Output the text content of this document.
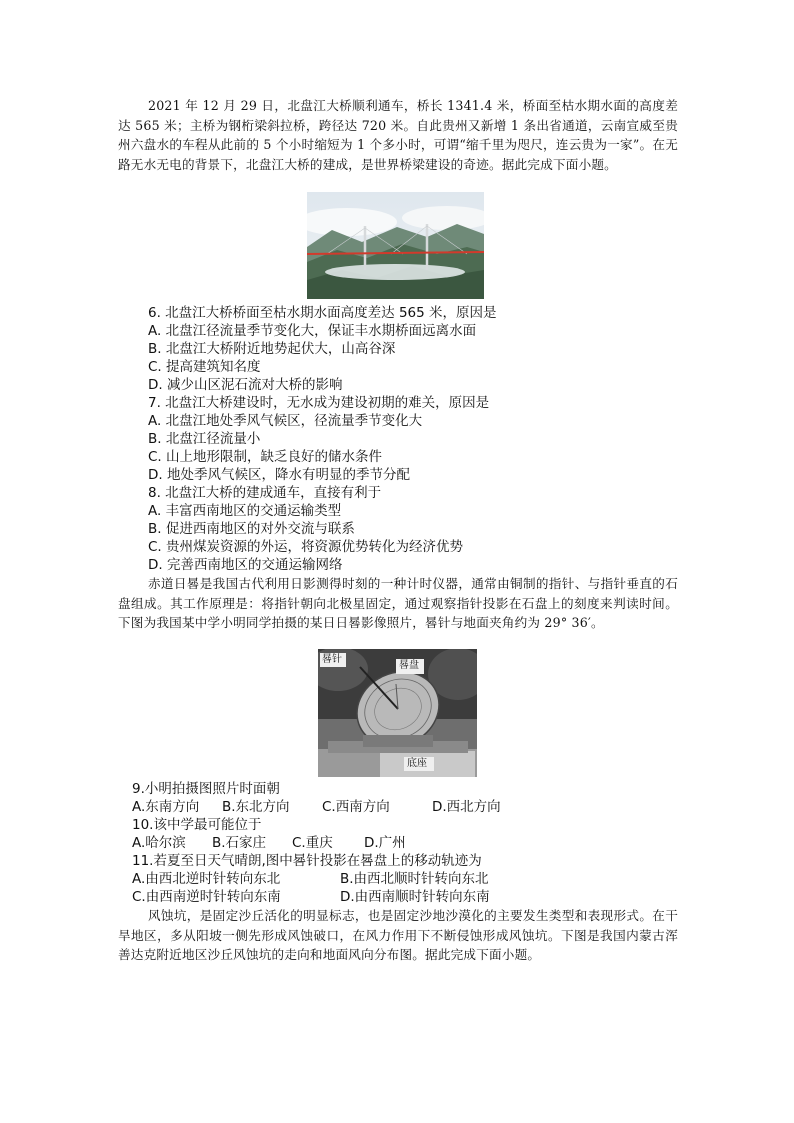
2021 年 12 月 29 日，北盘江大桥顺利通车，桥长 1341.4 米，桥面至枯水期水面的高度差达 565 米；主桥为钢桁梁斜拉桥，跨径达 720 米。自此贵州又新增 1 条出省通道，云南宣威至贵州六盘水的车程从此前的 5 个小时缩短为 1 个多小时，可谓“缩千里为咫尺，连云贵为一家”。在无路无水无电的背景下，北盘江大桥的建成，是世界桥梁建设的奇迹。据此完成下面小题。

6. 北盘江大桥桥面至枯水期水面高度差达 565 米，原因是

A. 北盘江径流量季节变化大，保证丰水期桥面远离水面

B. 北盘江大桥附近地势起伏大，山高谷深

C. 提高建筑知名度

D. 减少山区泥石流对大桥的影响

7. 北盘江大桥建设时，无水成为建设初期的难关，原因是

A. 北盘江地处季风气候区，径流量季节变化大

B. 北盘江径流量小

C. 山上地形限制，缺乏良好的储水条件

D. 地处季风气候区，降水有明显的季节分配

8. 北盘江大桥的建成通车，直接有利于

A. 丰富西南地区的交通运输类型

B. 促进西南地区的对外交流与联系

C. 贵州煤炭资源的外运，将资源优势转化为经济优势

D. 完善西南地区的交通运输网络

赤道日晷是我国古代利用日影测得时刻的一种计时仪器，通常由铜制的指针、与指针垂直的石盘组成。其工作原理是：将指针朝向北极星固定，通过观察指针投影在石盘上的刻度来判读时间。下图为我国某中学小明同学拍摄的某日日晷影像照片，晷针与地面夹角约为 29° 36′。

晷针
晷盘
底座

9.小明拍摄图照片时面朝

A.东南方向 B.东北方向 C.西南方向	D.西北方向

10.该中学最可能位于

A.哈尔滨 B.石家庄 C.重庆 D.广州

11.若夏至日天气晴朗,图中晷针投影在晷盘上的移动轨迹为

A.由西北逆时针转向东北	B.由西北顺时针转向东北

C.由西南逆时针转向东南	D.由西南顺时针转向东南

风蚀坑，是固定沙丘活化的明显标志，也是固定沙地沙漠化的主要发生类型和表现形式。在干旱地区，多从阳坡一侧先形成风蚀破口，在风力作用下不断侵蚀形成风蚀坑。下图是我国内蒙古浑善达克附近地区沙丘风蚀坑的走向和地面风向分布图。据此完成下面小题。
